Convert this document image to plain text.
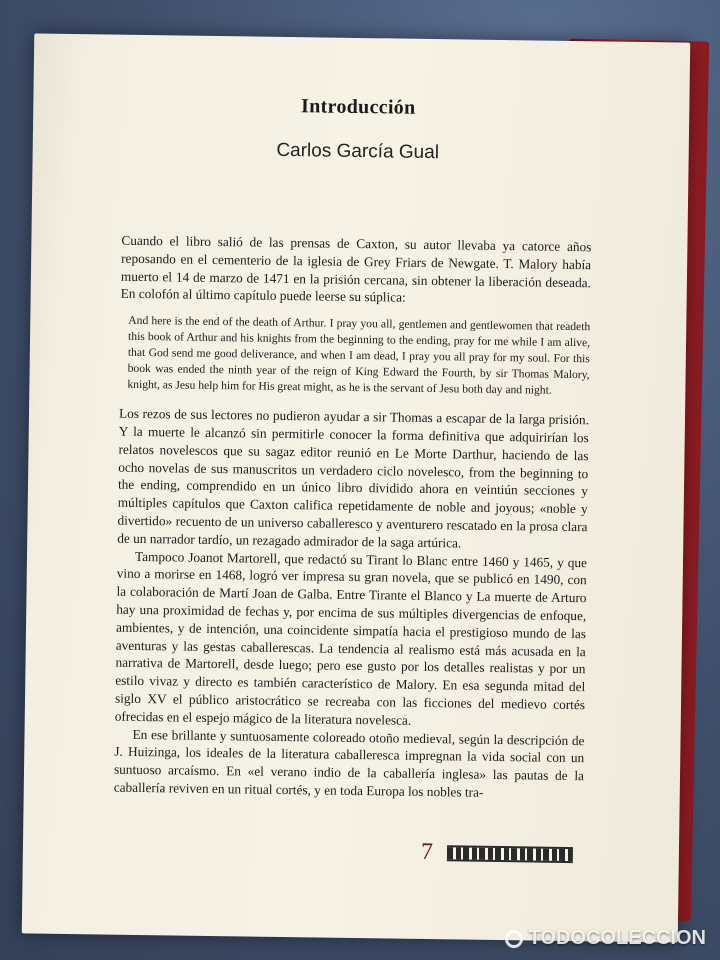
Introducción
Carlos García Gual

Cuando el libro salió de las prensas de Caxton, su autor llevaba ya catorce años reposando en el cementerio de la iglesia de Grey Friars de Newgate. T. Malory había muerto el 14 de marzo de 1471 en la prisión cercana, sin obtener la liberación deseada. En colofón al último capítulo puede leerse su súplica:

And here is the end of the death of Arthur. I pray you all, gentlemen and gentlewomen that readeth this book of Arthur and his knights from the beginning to the ending, pray for me while I am alive, that God send me good deliverance, and when I am dead, I pray you all pray for my soul. For this book was ended the ninth year of the reign of King Edward the Fourth, by sir Thomas Malory, knight, as Jesu help him for His great might, as he is the servant of Jesu both day and night.

Los rezos de sus lectores no pudieron ayudar a sir Thomas a escapar de la larga prisión. Y la muerte le alcanzó sin permitirle conocer la forma definitiva que adquirirían los relatos novelescos que su sagaz editor reunió en Le Morte Darthur, haciendo de las ocho novelas de sus manuscritos un verdadero ciclo novelesco, from the beginning to the ending, comprendido en un único libro dividido ahora en veintiún secciones y múltiples capítulos que Caxton califica repetidamente de noble and joyous; «noble y divertido» recuento de un universo caballeresco y aventurero rescatado en la prosa clara de un narrador tardío, un rezagado admirador de la saga artúrica.

Tampoco Joanot Martorell, que redactó su Tirant lo Blanc entre 1460 y 1465, y que vino a morirse en 1468, logró ver impresa su gran novela, que se publicó en 1490, con la colaboración de Martí Joan de Galba. Entre Tirante el Blanco y La muerte de Arturo hay una proximidad de fechas y, por encima de sus múltiples divergencias de enfoque, ambientes, y de intención, una coincidente simpatía hacia el prestigioso mundo de las aventuras y las gestas caballerescas. La tendencia al realismo está más acusada en la narrativa de Martorell, desde luego; pero ese gusto por los detalles realistas y por un estilo vivaz y directo es también característico de Malory. En esa segunda mitad del siglo XV el público aristocrático se recreaba con las ficciones del medievo cortés ofrecidas en el espejo mágico de la literatura novelesca.

En ese brillante y suntuosamente coloreado otoño medieval, según la descripción de J. Huizinga, los ideales de la literatura caballeresca impregnan la vida social con un suntuoso arcaísmo. En «el verano indio de la caballería inglesa» las pautas de la caballería reviven en un ritual cortés, y en toda Europa los nobles tra-

7
TODOCOLECCION
